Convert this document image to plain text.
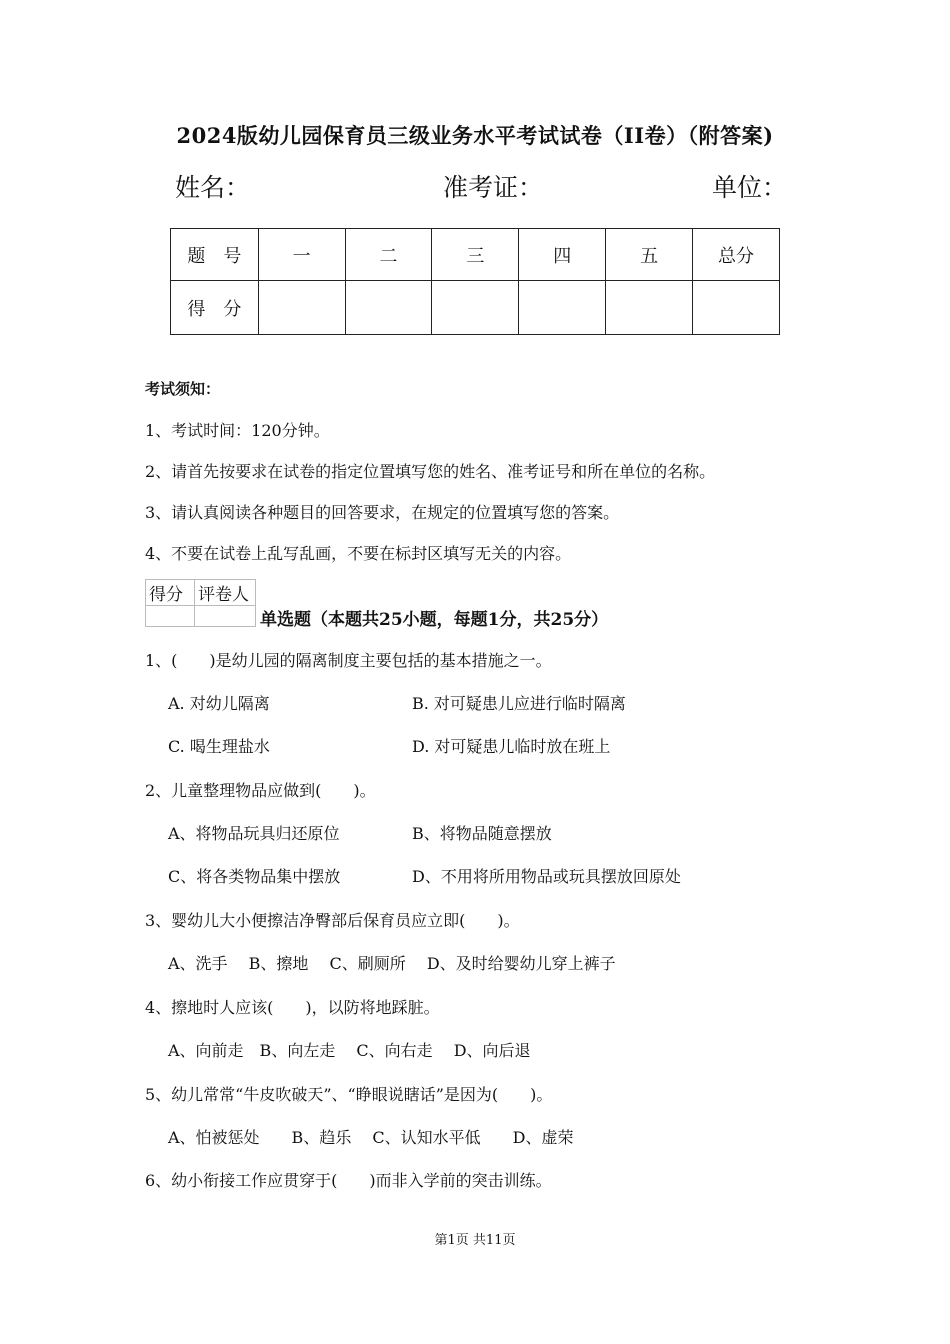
2024版幼儿园保育员三级业务水平考试试卷（II卷）（附答案)
姓名：	准考证：	单位：
题　号	一	二	三	四	五	总分
得　分						
考试须知：
1、考试时间：120分钟。
2、请首先按要求在试卷的指定位置填写您的姓名、准考证号和所在单位的名称。
3、请认真阅读各种题目的回答要求，在规定的位置填写您的答案。
4、不要在试卷上乱写乱画，不要在标封区填写无关的内容。
得分	评卷人

单选题（本题共25小题，每题1分，共25分）
1、(　　)是幼儿园的隔离制度主要包括的基本措施之一。
A. 对幼儿隔离	B. 对可疑患儿应进行临时隔离
C. 喝生理盐水	D. 对可疑患儿临时放在班上
2、儿童整理物品应做到(　　)。
A、将物品玩具归还原位	B、将物品随意摆放
C、将各类物品集中摆放	D、不用将所用物品或玩具摆放回原处
3、婴幼儿大小便擦洁净臀部后保育员应立即(　　)。
A、洗手　 B、擦地　 C、刷厕所　 D、及时给婴幼儿穿上裤子
4、擦地时人应该(　　)，以防将地踩脏。
A、向前走　B、向左走　 C、向右走　 D、向后退
5、幼儿常常“牛皮吹破天”、“睁眼说瞎话”是因为(　　)。
A、怕被惩处　　B、趋乐　 C、认知水平低　　D、虚荣
6、幼小衔接工作应贯穿于(　　)而非入学前的突击训练。
第1页 共11页
